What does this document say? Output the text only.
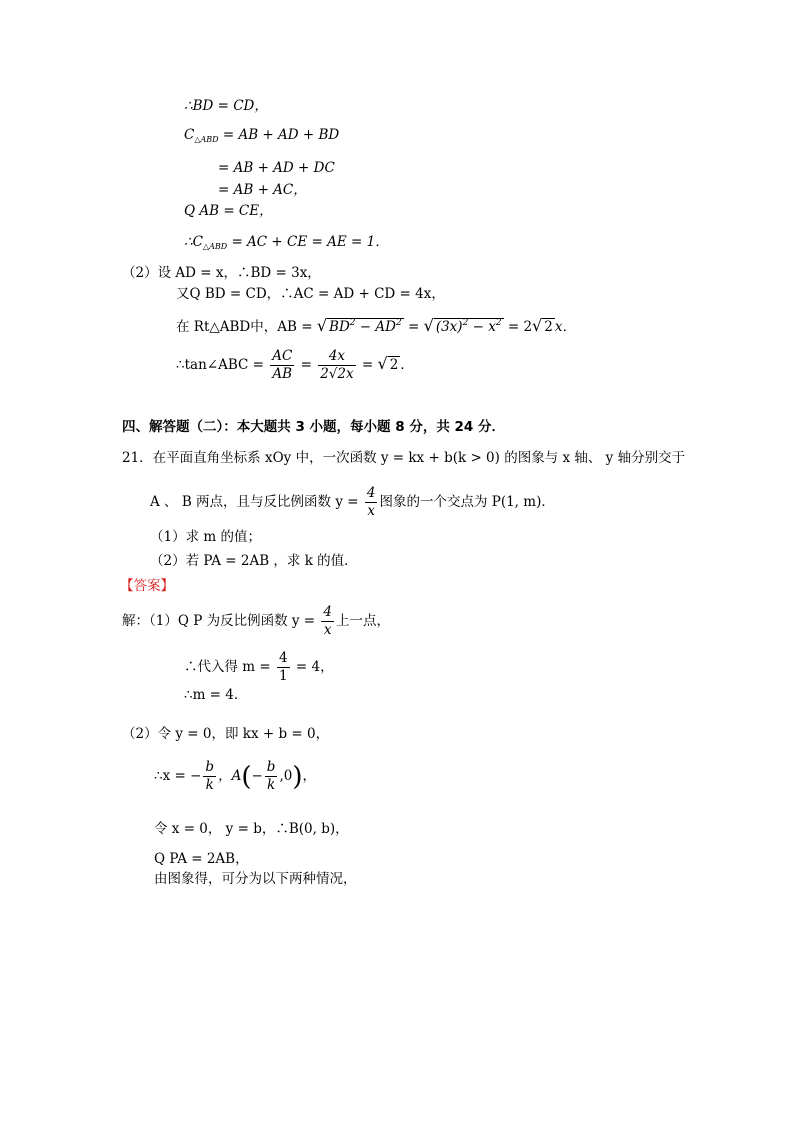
∴BD = CD，
$C_{\triangle ABD}$ = AB + AD + BD
= AB + AD + DC
= AB + AC，
Q AB = CE，
$\therefore C_{\triangle ABD}$ = AC + CE = AE = 1．
（2）设 AD = x，∴BD = 3x，
又Q BD = CD，∴AC = AD + CD = 4x，
在 Rt△ABD中，AB = √ $BD^2 - AD^2$ = √ $(3x)^2 - x^2 = 2√$ 2 x．
∴tan∠ABC = $\frac{AC}{AB} = \frac{4x}{2√2x}$ = √ 2 ．
四、解答题（二）：本大题共 3 小题，每小题 8 分，共 24 分．
21．在平面直角坐标系 xOy 中，一次函数 y = kx + b(k > 0) 的图象与 x 轴、 y 轴分别交于
A 、 B 两点，且与反比例函数 $y = \frac{4}{x}$ 图象的一个交点为 P(1, m)．
（1）求 m 的值；
（2）若 PA = 2AB ，求 k 的值．
【答案】
解：（1）Q P 为反比例函数 $y = \frac{4}{x}$ 上一点，
∴代入得 $m = \frac{4}{1} = 4$，
∴m = 4．
（2）令 y = 0，即 kx + b = 0，
∴x = − $\frac{b}{k}$ ，$A(- \frac{b}{k} ,0)$，
令 x = 0， y = b，∴B(0, b)，
Q PA = 2AB，
由图象得，可分为以下两种情况，
